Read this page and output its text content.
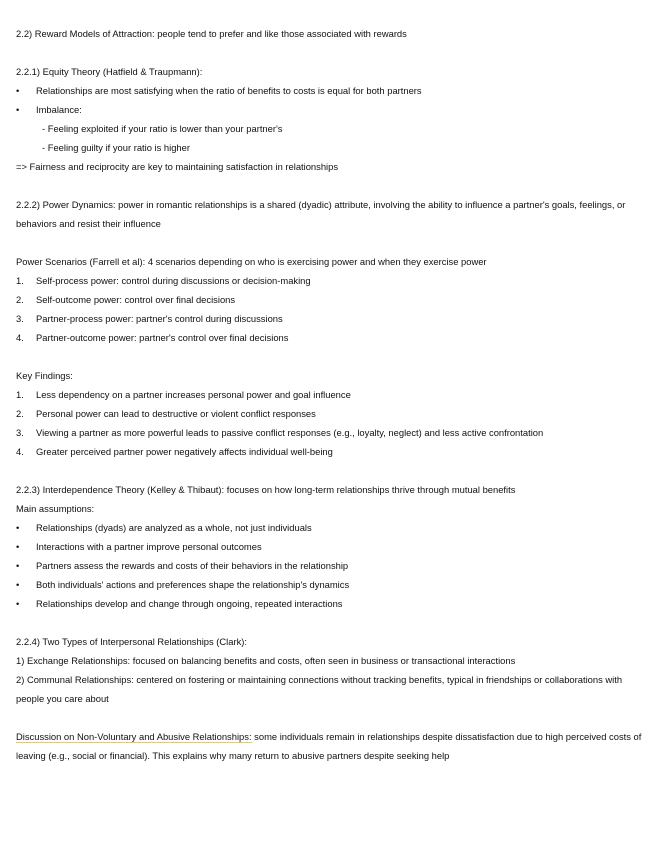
2.2) Reward Models of Attraction: people tend to prefer and like those associated with rewards

2.2.1) Equity Theory (Hatfield & Traupmann):

• Relationships are most satisfying when the ratio of benefits to costs is equal for both partners

• Imbalance:

- Feeling exploited if your ratio is lower than your partner's

- Feeling guilty if your ratio is higher

=> Fairness and reciprocity are key to maintaining satisfaction in relationships

2.2.2) Power Dynamics: power in romantic relationships is a shared (dyadic) attribute, involving the ability to influence a partner's goals, feelings, or behaviors and resist their influence

Power Scenarios (Farrell et al): 4 scenarios depending on who is exercising power and when they exercise power

1. Self-process power: control during discussions or decision-making

2. Self-outcome power: control over final decisions

3. Partner-process power: partner's control during discussions

4. Partner-outcome power: partner's control over final decisions

Key Findings:

1. Less dependency on a partner increases personal power and goal influence

2. Personal power can lead to destructive or violent conflict responses

3. Viewing a partner as more powerful leads to passive conflict responses (e.g., loyalty, neglect) and less active confrontation

4. Greater perceived partner power negatively affects individual well-being

2.2.3) Interdependence Theory (Kelley & Thibaut): focuses on how long-term relationships thrive through mutual benefits

Main assumptions:

• Relationships (dyads) are analyzed as a whole, not just individuals

• Interactions with a partner improve personal outcomes

• Partners assess the rewards and costs of their behaviors in the relationship

• Both individuals' actions and preferences shape the relationship's dynamics

• Relationships develop and change through ongoing, repeated interactions

2.2.4) Two Types of Interpersonal Relationships (Clark):

1) Exchange Relationships: focused on balancing benefits and costs, often seen in business or transactional interactions

2) Communal Relationships: centered on fostering or maintaining connections without tracking benefits, typical in friendships or collaborations with people you care about

Discussion on Non-Voluntary and Abusive Relationships: some individuals remain in relationships despite dissatisfaction due to high perceived costs of leaving (e.g., social or financial). This explains why many return to abusive partners despite seeking help
